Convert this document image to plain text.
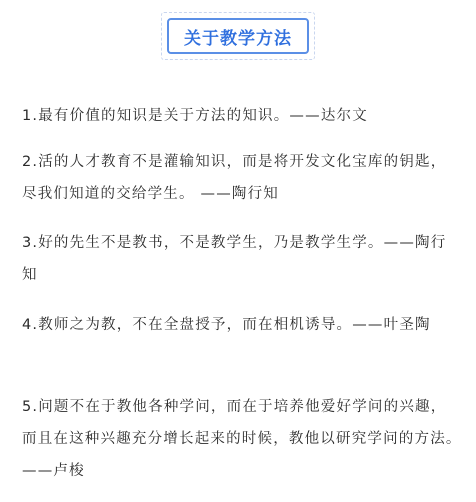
关于教学方法

1.最有价值的知识是关于方法的知识。——达尔文

2.活的人才教育不是灌输知识，而是将开发文化宝库的钥匙，尽我们知道的交给学生。 ——陶行知

3.好的先生不是教书，不是教学生，乃是教学生学。——陶行知

4.教师之为教，不在全盘授予，而在相机诱导。——叶圣陶

5.问题不在于教他各种学问，而在于培养他爱好学问的兴趣，而且在这种兴趣充分增长起来的时候，教他以研究学问的方法。 ——卢梭
